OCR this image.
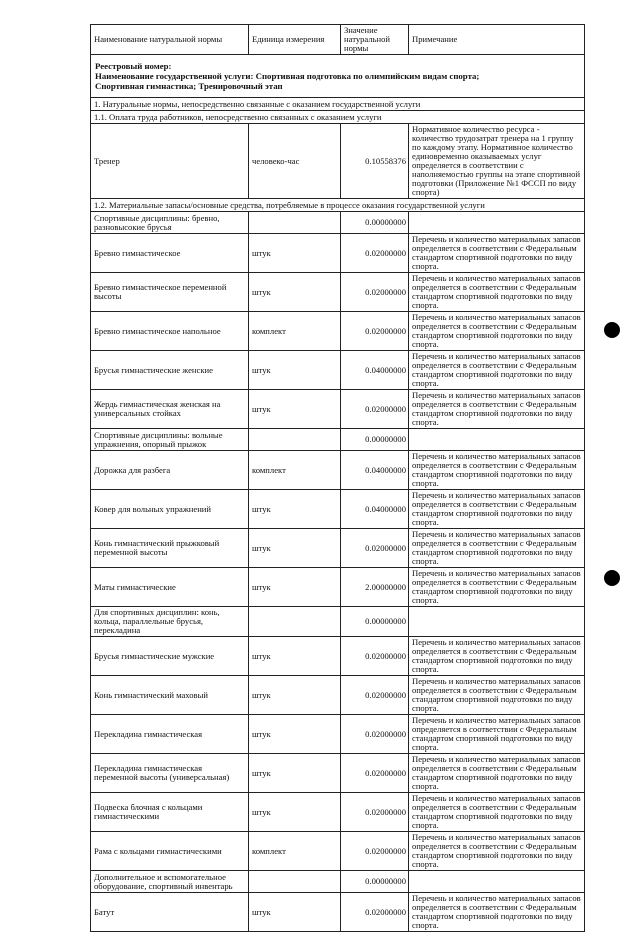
Наименование натуральной нормы	Единица измерения	Значение натуральной нормы	Примечание

Реестровый номер:
Наименование государственной услуги: Спортивная подготовка по олимпийским видам спорта;
Спортивная гимнастика; Тренировочный этап			

1. Натуральные нормы, непосредственно связанные с оказанием государственной услуги			
1.1. Оплата труда работников, непосредственно связанных с оказанием услуги			
Тренер	человеко-час	0.10558376	Нормативное количество ресурса - количество трудозатрат тренера на 1 группу по каждому этапу. Нормативное количество единовременно оказываемых услуг определяется в соответствии с наполняемостью группы на этапе спортивной подготовки (Приложение №1 ФССП по виду спорта)
1.2. Материальные запасы/основные средства, потребляемые в процессе оказания государственной услуги			
Спортивные дисциплины: бревно, разновысокие брусья		0.00000000	
Бревно гимнастическое	штук	0.02000000	Перечень и количество материальных запасов определяется в соответствии с Федеральным стандартом спортивной подготовки по виду спорта.
Бревно гимнастическое переменной высоты	штук	0.02000000	Перечень и количество материальных запасов определяется в соответствии с Федеральным стандартом спортивной подготовки по виду спорта.
Бревно гимнастическое напольное	комплект	0.02000000	Перечень и количество материальных запасов определяется в соответствии с Федеральным стандартом спортивной подготовки по виду спорта.
Брусья гимнастические женские	штук	0.04000000	Перечень и количество материальных запасов определяется в соответствии с Федеральным стандартом спортивной подготовки по виду спорта.
Жердь гимнастическая женская на универсальных стойках	штук	0.02000000	Перечень и количество материальных запасов определяется в соответствии с Федеральным стандартом спортивной подготовки по виду спорта.
Спортивные дисциплины: вольные упражнения, опорный прыжок		0.00000000	
Дорожка для разбега	комплект	0.04000000	Перечень и количество материальных запасов определяется в соответствии с Федеральным стандартом спортивной подготовки по виду спорта.
Ковер для вольных упражнений	штук	0.04000000	Перечень и количество материальных запасов определяется в соответствии с Федеральным стандартом спортивной подготовки по виду спорта.
Конь гимнастический прыжковый переменной высоты	штук	0.02000000	Перечень и количество материальных запасов определяется в соответствии с Федеральным стандартом спортивной подготовки по виду спорта.
Маты гимнастические	штук	2.00000000	Перечень и количество материальных запасов определяется в соответствии с Федеральным стандартом спортивной подготовки по виду спорта.
Для спортивных дисциплин: конь, кольца, параллельные брусья, перекладина		0.00000000	
Брусья гимнастические мужские	штук	0.02000000	Перечень и количество материальных запасов определяется в соответствии с Федеральным стандартом спортивной подготовки по виду спорта.
Конь гимнастический маховый	штук	0.02000000	Перечень и количество материальных запасов определяется в соответствии с Федеральным стандартом спортивной подготовки по виду спорта.
Перекладина гимнастическая	штук	0.02000000	Перечень и количество материальных запасов определяется в соответствии с Федеральным стандартом спортивной подготовки по виду спорта.
Перекладина гимнастическая переменной высоты (универсальная)	штук	0.02000000	Перечень и количество материальных запасов определяется в соответствии с Федеральным стандартом спортивной подготовки по виду спорта.
Подвеска блочная с кольцами гимнастическими	штук	0.02000000	Перечень и количество материальных запасов определяется в соответствии с Федеральным стандартом спортивной подготовки по виду спорта.
Рама с кольцами гимнастическими	комплект	0.02000000	Перечень и количество материальных запасов определяется в соответствии с Федеральным стандартом спортивной подготовки по виду спорта.
Дополнительное и вспомогательное оборудование, спортивный инвентарь		0.00000000	
Батут	штук	0.02000000	Перечень и количество материальных запасов определяется в соответствии с Федеральным стандартом спортивной подготовки по виду спорта.
